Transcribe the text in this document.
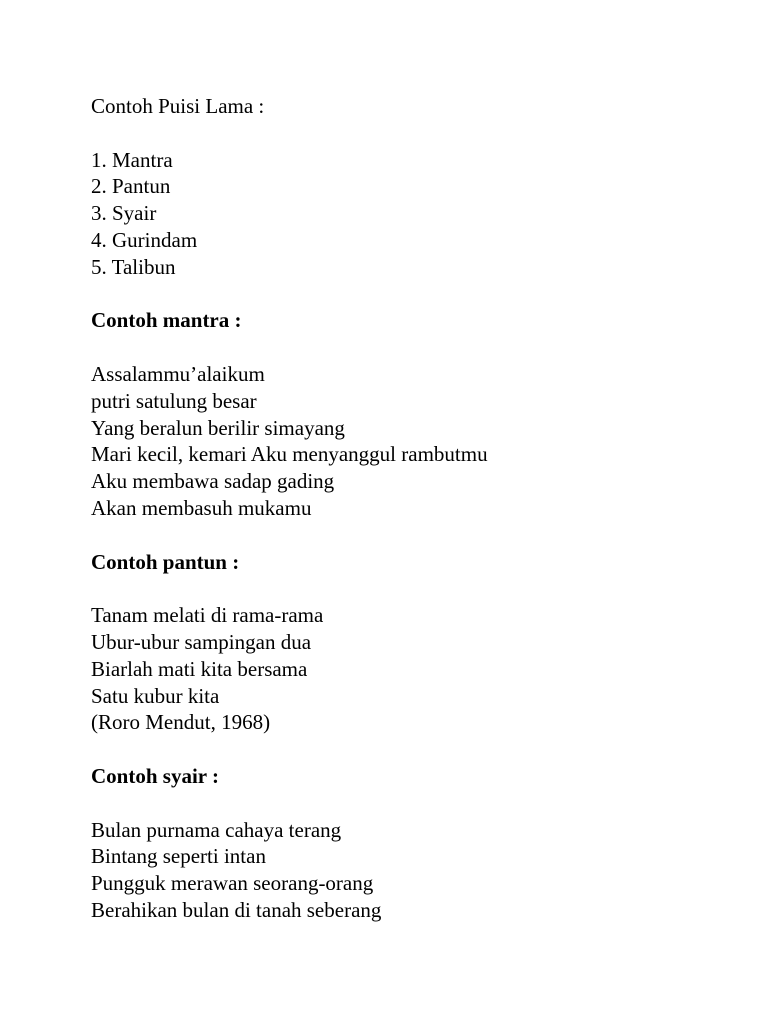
Contoh Puisi Lama :
1. Mantra
2. Pantun
3. Syair
4. Gurindam
5. Talibun
Contoh mantra :
Assalammu’alaikum
putri satulung besar
Yang beralun berilir simayang
Mari kecil, kemari Aku menyanggul rambutmu
Aku membawa sadap gading
Akan membasuh mukamu
Contoh pantun :
Tanam melati di rama-rama
Ubur-ubur sampingan dua
Biarlah mati kita bersama
Satu kubur kita
(Roro Mendut, 1968)
Contoh syair :
Bulan purnama cahaya terang
Bintang seperti intan
Pungguk merawan seorang-orang
Berahikan bulan di tanah seberang
